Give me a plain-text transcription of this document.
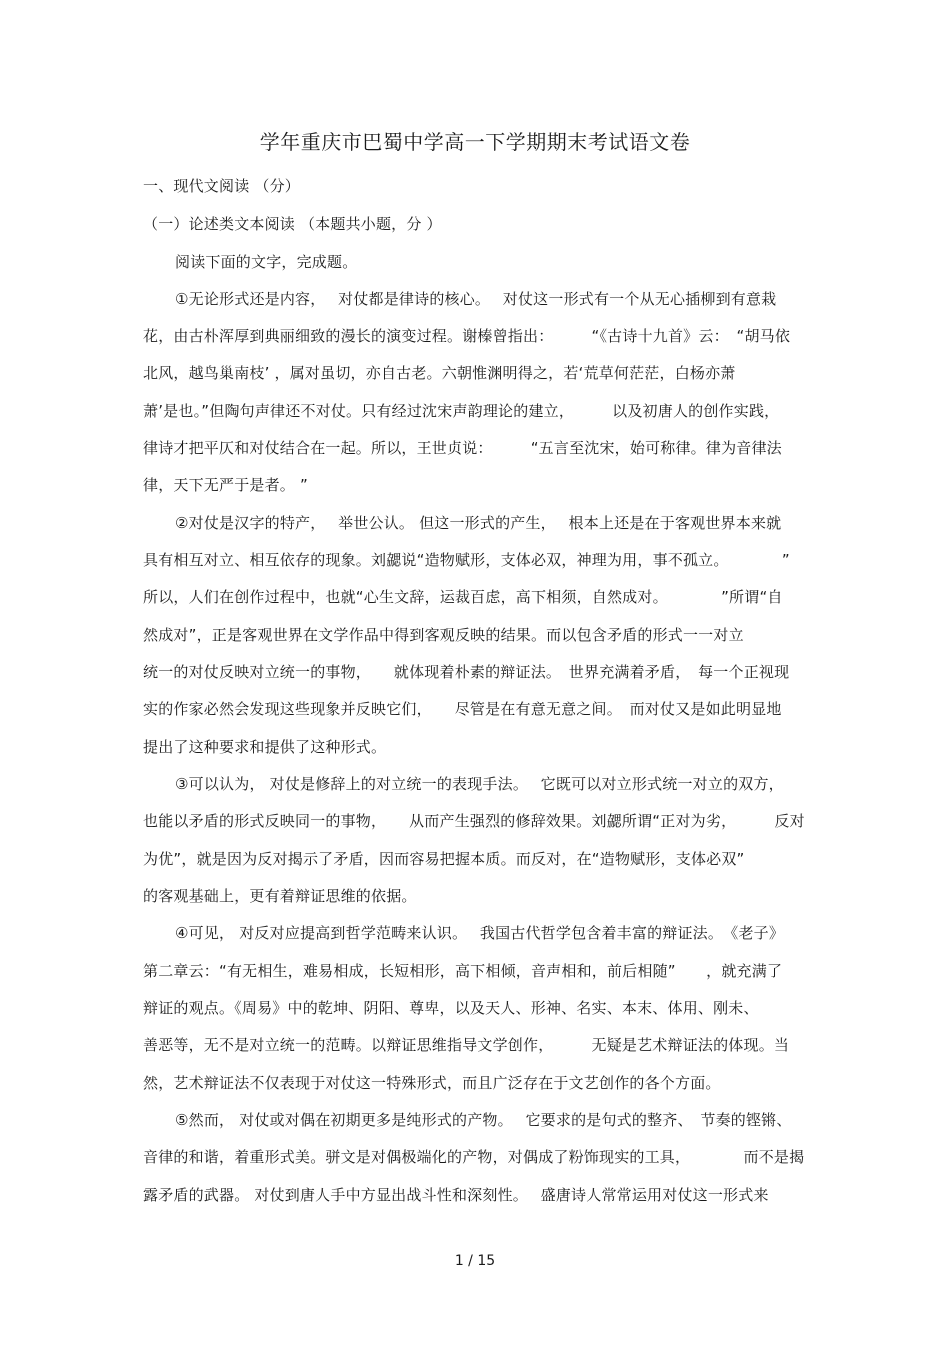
学年重庆市巴蜀中学高一下学期期末考试语文卷
一、现代文阅读 （分）
（一）论述类文本阅读 （本题共小题，分 ）
阅读下面的文字，完成题。
①无论形式还是内容，　 对仗都是律诗的核心。　 对仗这一形式有一个从无心插柳到有意栽
花，由古朴浑厚到典丽细致的漫长的演变过程。谢榛曾指出：　　　“《古诗十九首》云：　“胡马依
北风，越鸟巢南枝’ ，属对虽切，亦自古老。六朝惟渊明得之，若‘荒草何茫茫，白杨亦萧
萧’是也。”但陶句声律还不对仗。只有经过沈宋声韵理论的建立，　　　以及初唐人的创作实践，
律诗才把平仄和对仗结合在一起。所以，王世贞说：　　　“五言至沈宋，始可称律。律为音律法
律，天下无严于是者。 ”
②对仗是汉字的特产，　 举世公认。 但这一形式的产生，　 根本上还是在于客观世界本来就
具有相互对立、相互依存的现象。刘勰说“造物赋形，支体必双，神理为用，事不孤立。　　　　”
所以，人们在创作过程中，也就“心生文辞，运裁百虑，高下相须，自然成对。　　　　”所谓“自
然成对”，正是客观世界在文学作品中得到客观反映的结果。而以包含矛盾的形式一一对立
统一的对仗反映对立统一的事物，　　就体现着朴素的辩证法。　世界充满着矛盾，　每一个正视现
实的作家必然会发现这些现象并反映它们，　　尽管是在有意无意之间。　而对仗又是如此明显地
提出了这种要求和提供了这种形式。
③可以认为， 对仗是修辞上的对立统一的表现手法。　 它既可以对立形式统一对立的双方，
也能以矛盾的形式反映同一的事物，　　从而产生强烈的修辞效果。刘勰所谓“正对为劣，　　　反对
为优”，就是因为反对揭示了矛盾，因而容易把握本质。而反对，在“造物赋形，支体必双”
的客观基础上，更有着辩证思维的依据。
④可见， 对反对应提高到哲学范畴来认识。　 我国古代哲学包含着丰富的辩证法。　《老子》
第二章云：“有无相生，难易相成，长短相形，高下相倾，音声相和，前后相随”　　，就充满了
辩证的观点。《周易》中的乾坤、阴阳、尊卑，以及天人、形神、名实、本末、体用、刚未、
善恶等，无不是对立统一的范畴。以辩证思维指导文学创作，　　　无疑是艺术辩证法的体现。当
然，艺术辩证法不仅表现于对仗这一特殊形式，而且广泛存在于文艺创作的各个方面。
⑤然而， 对仗或对偶在初期更多是纯形式的产物。　 它要求的是句式的整齐、　节奏的铿锵、
音律的和谐，着重形式美。骈文是对偶极端化的产物，对偶成了粉饰现实的工具，　　　　而不是揭
露矛盾的武器。 对仗到唐人手中方显出战斗性和深刻性。　 盛唐诗人常常运用对仗这一形式来
1 / 15
